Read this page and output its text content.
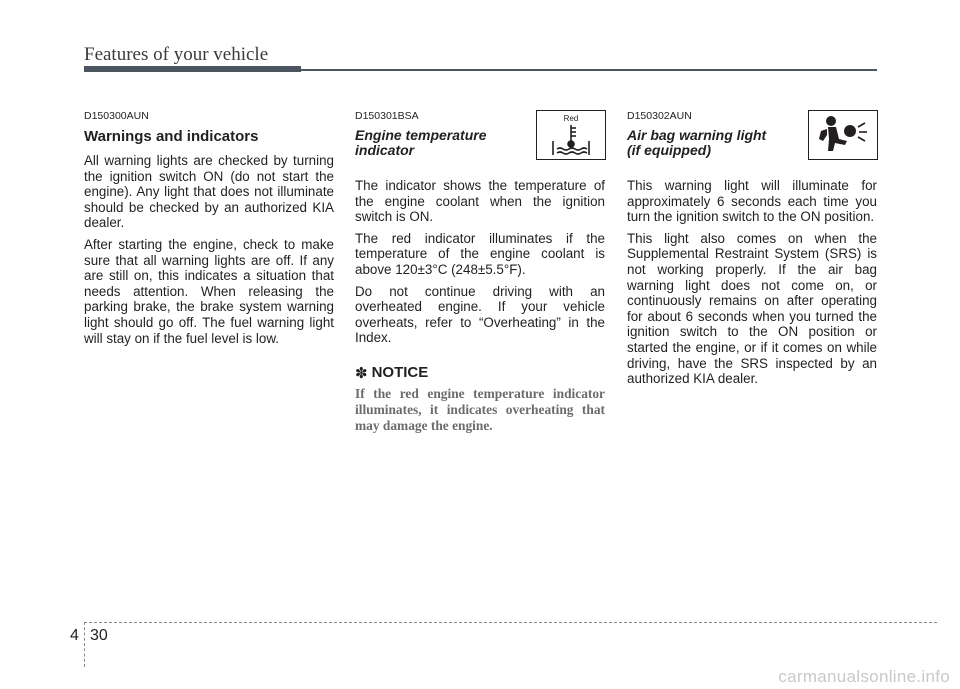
Features of your vehicle
D150300AUN
Warnings and indicators

All warning lights are checked by turning the ignition switch ON (do not start the engine). Any light that does not illuminate should be checked by an authorized KIA dealer.

After starting the engine, check to make sure that all warning lights are off. If any are still on, this indicates a situation that needs attention. When releasing the parking brake, the brake system warning light should go off. The fuel warning light will stay on if the fuel level is low.

D150301BSA
Engine temperature indicator
Red

The indicator shows the temperature of the engine coolant when the ignition switch is ON.

The red indicator illuminates if the temperature of the engine coolant is above 120±3°C (248±5.5°F).

Do not continue driving with an overheated engine. If your vehicle overheats, refer to “Overheating” in the Index.

✽ NOTICE

If the red engine temperature indicator illuminates, it indicates overheating that may damage the engine.

D150302AUN
Air bag warning light
(if equipped)

This warning light will illuminate for approximately 6 seconds each time you turn the ignition switch to the ON position.

This light also comes on when the Supplemental Restraint System (SRS) is not working properly. If the air bag warning light does not come on, or continuously remains on after operating for about 6 seconds when you turned the ignition switch to the ON position or started the engine, or if it comes on while driving, have the SRS inspected by an authorized KIA dealer.

4 30
carmanualsonline.info
